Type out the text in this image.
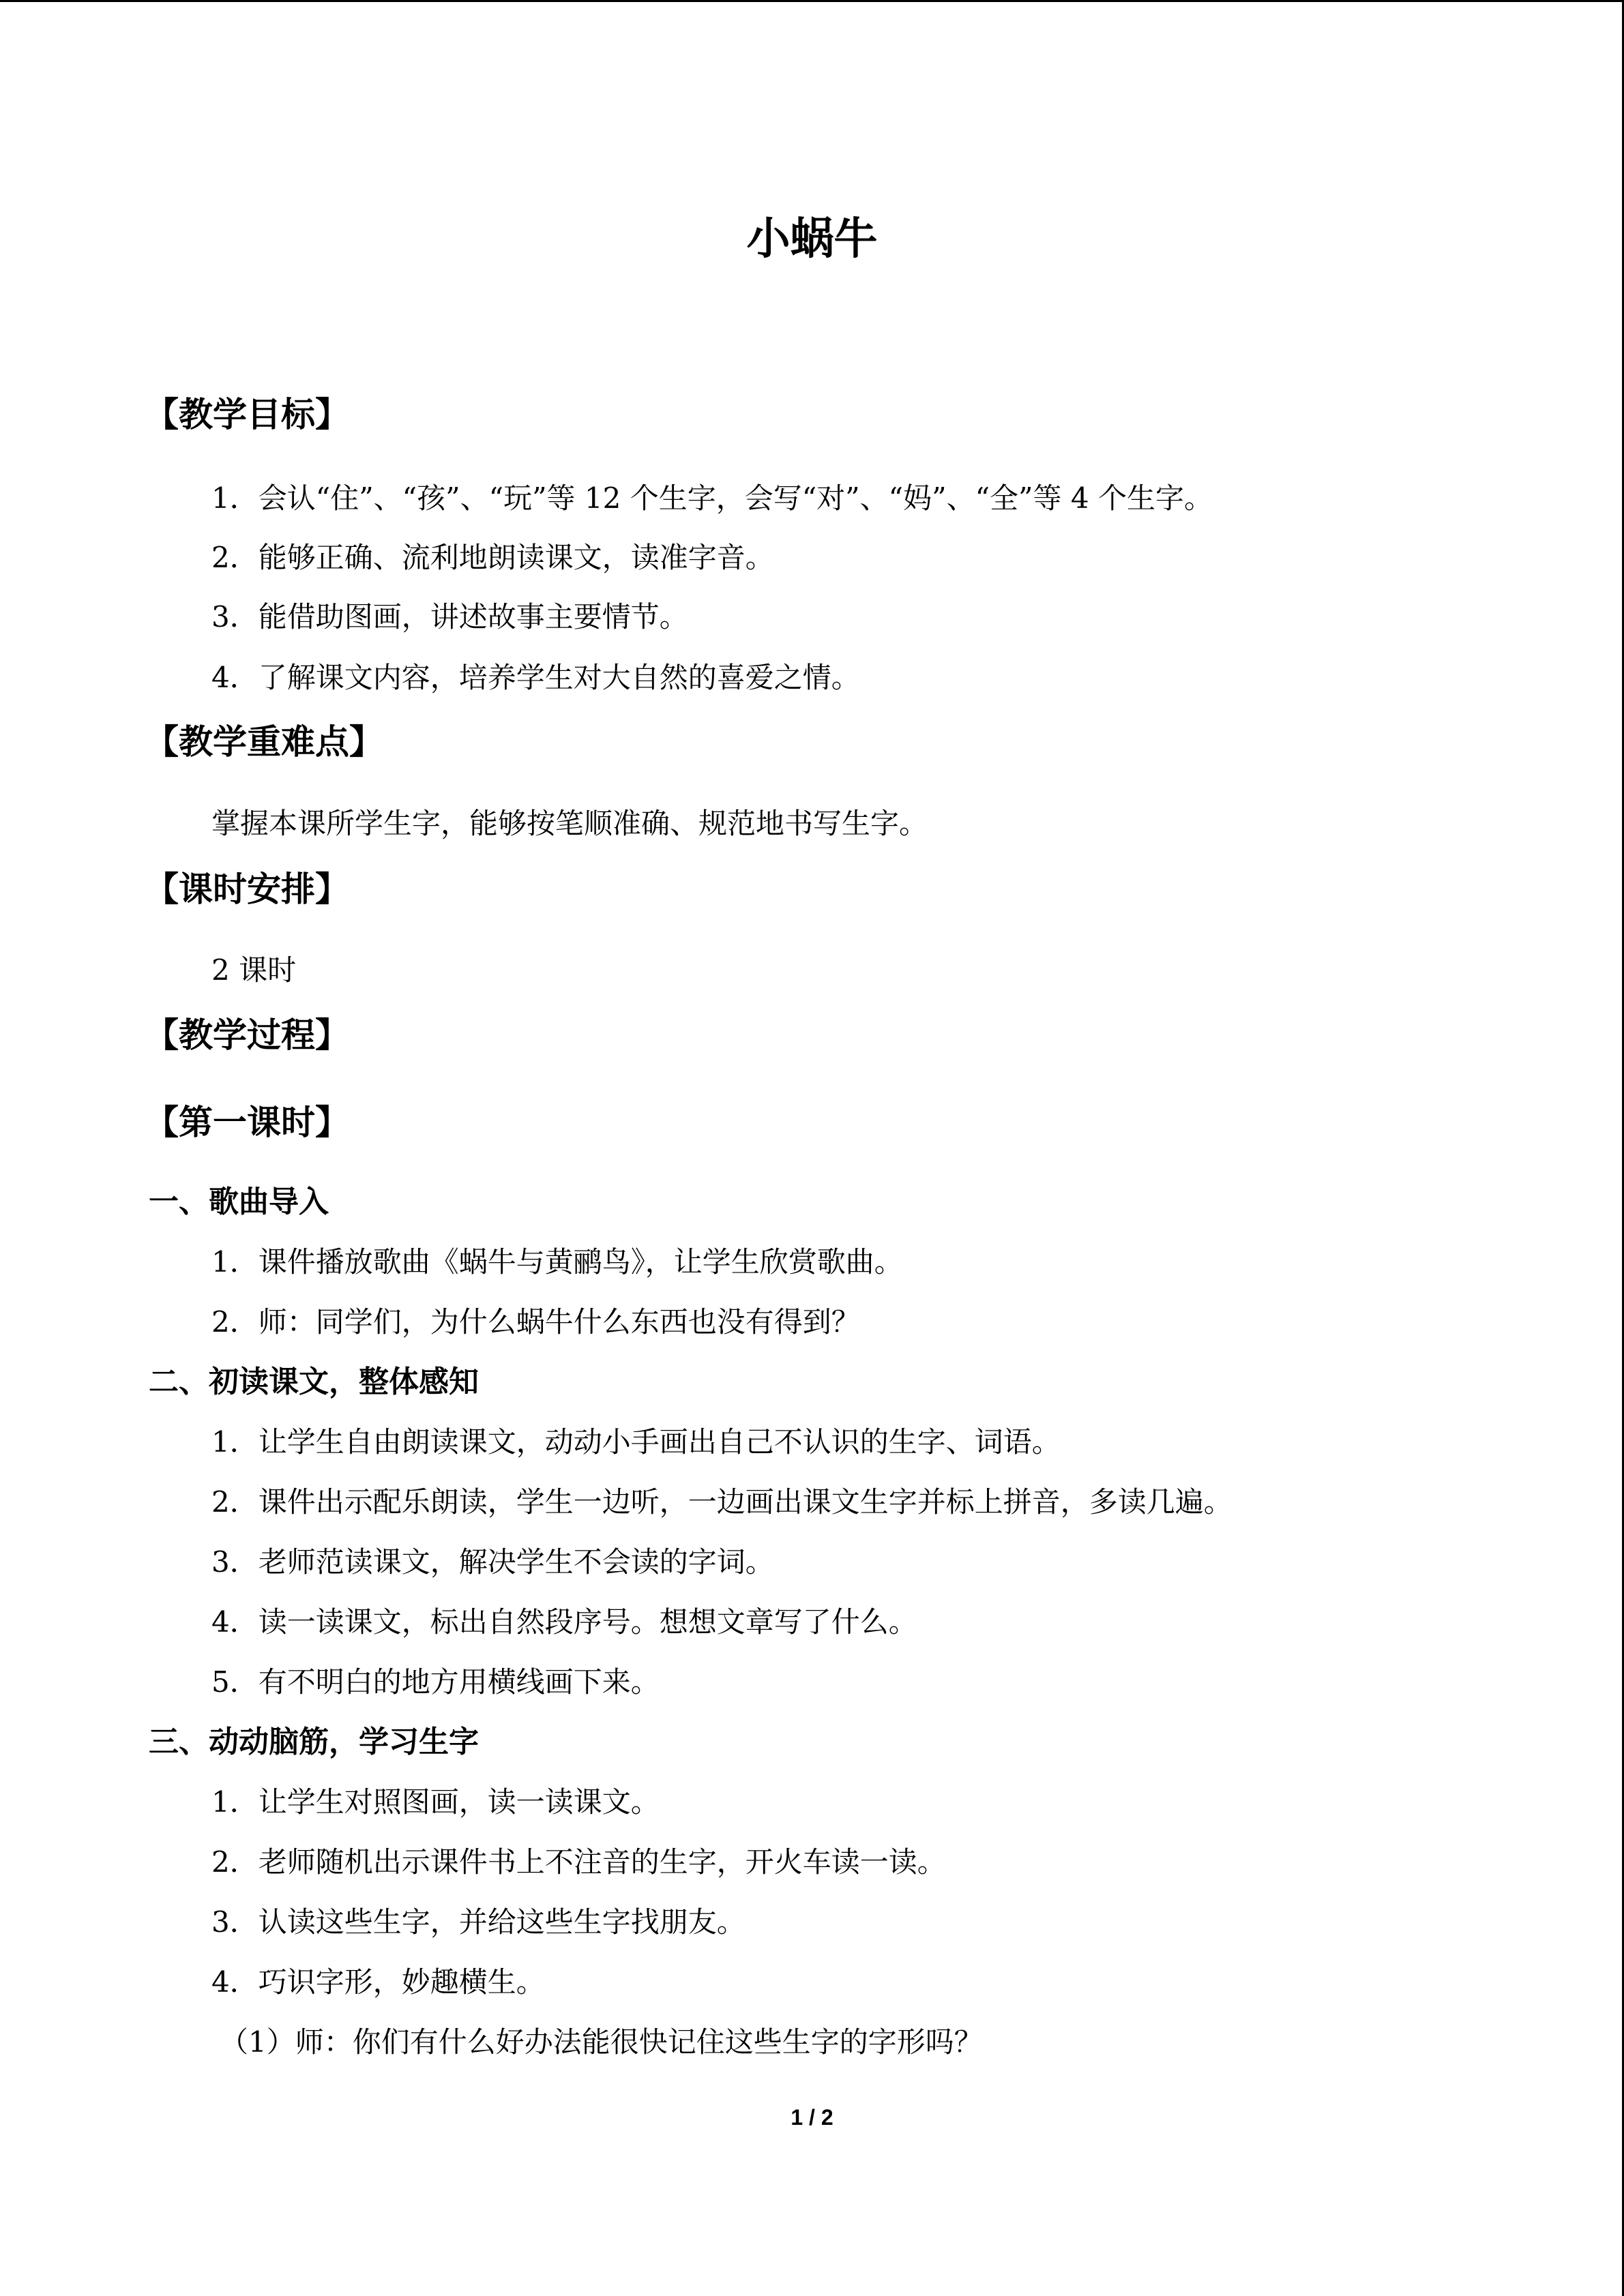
小蜗牛
【教学目标】
1．会认“住”、“孩”、“玩”等 12 个生字，会写“对”、“妈”、“全”等 4 个生字。
2．能够正确、流利地朗读课文，读准字音。
3．能借助图画，讲述故事主要情节。
4．了解课文内容，培养学生对大自然的喜爱之情。
【教学重难点】
掌握本课所学生字，能够按笔顺准确、规范地书写生字。
【课时安排】
2 课时
【教学过程】
【第一课时】
一、歌曲导入
1．课件播放歌曲《蜗牛与黄鹂鸟》，让学生欣赏歌曲。
2．师：同学们，为什么蜗牛什么东西也没有得到？
二、初读课文，整体感知
1．让学生自由朗读课文，动动小手画出自己不认识的生字、词语。
2．课件出示配乐朗读，学生一边听，一边画出课文生字并标上拼音，多读几遍。
3．老师范读课文，解决学生不会读的字词。
4．读一读课文，标出自然段序号。想想文章写了什么。
5．有不明白的地方用横线画下来。
三、动动脑筋，学习生字
1．让学生对照图画，读一读课文。
2．老师随机出示课件书上不注音的生字，开火车读一读。
3．认读这些生字，并给这些生字找朋友。
4．巧识字形，妙趣横生。
（1）师：你们有什么好办法能很快记住这些生字的字形吗？
1 / 2
